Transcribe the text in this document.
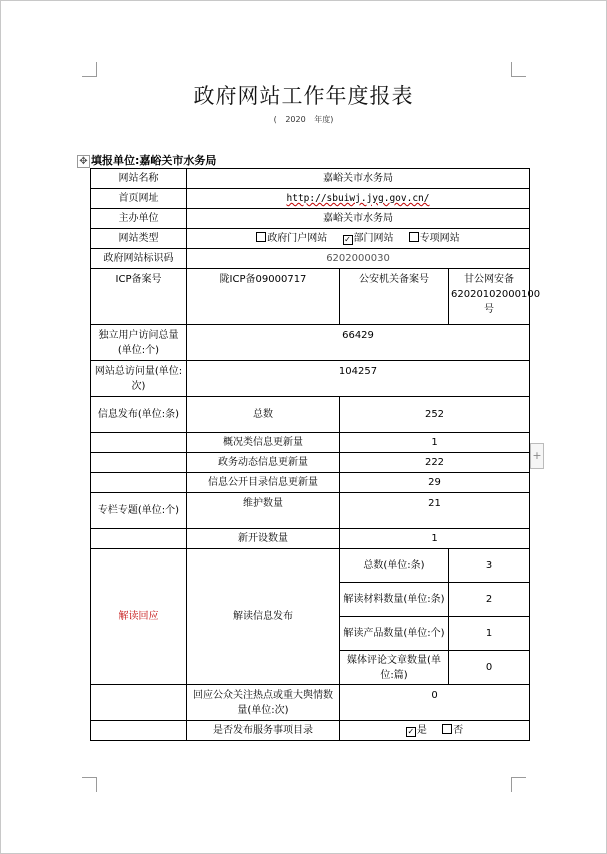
政府网站工作年度报表
( 2020 年度)
✥ 填报单位:嘉峪关市水务局
+
网站名称	嘉峪关市水务局		
首页网址	http://sbuiwj.jyg.gov.cn/		
主办单位	嘉峪关市水务局		
网站类型	政府门户网站 ✓ 部门网站 专项网站		
政府网站标识码	6202000030		
ICP备案号	陇ICP备09000717	公安机关备案号	甘公网安备62020102000100号
独立用户访问总量(单位:个)	66429		
网站总访问量(单位:次)	104257		
信息发布(单位:条)	总数	252	
	概况类信息更新量	1	
	政务动态信息更新量	222	
	信息公开目录信息更新量	29	
专栏专题(单位:个)	维护数量	21	
	新开设数量	1	
解读回应	解读信息发布	总数(单位:条)	3
		解读材料数量(单位:条)	2
		解读产品数量(单位:个)	1
		媒体评论文章数量(单位:篇)	0
	回应公众关注热点或重大舆情数量(单位:次)	0	
	是否发布服务事项目录	✓ 是 否	
